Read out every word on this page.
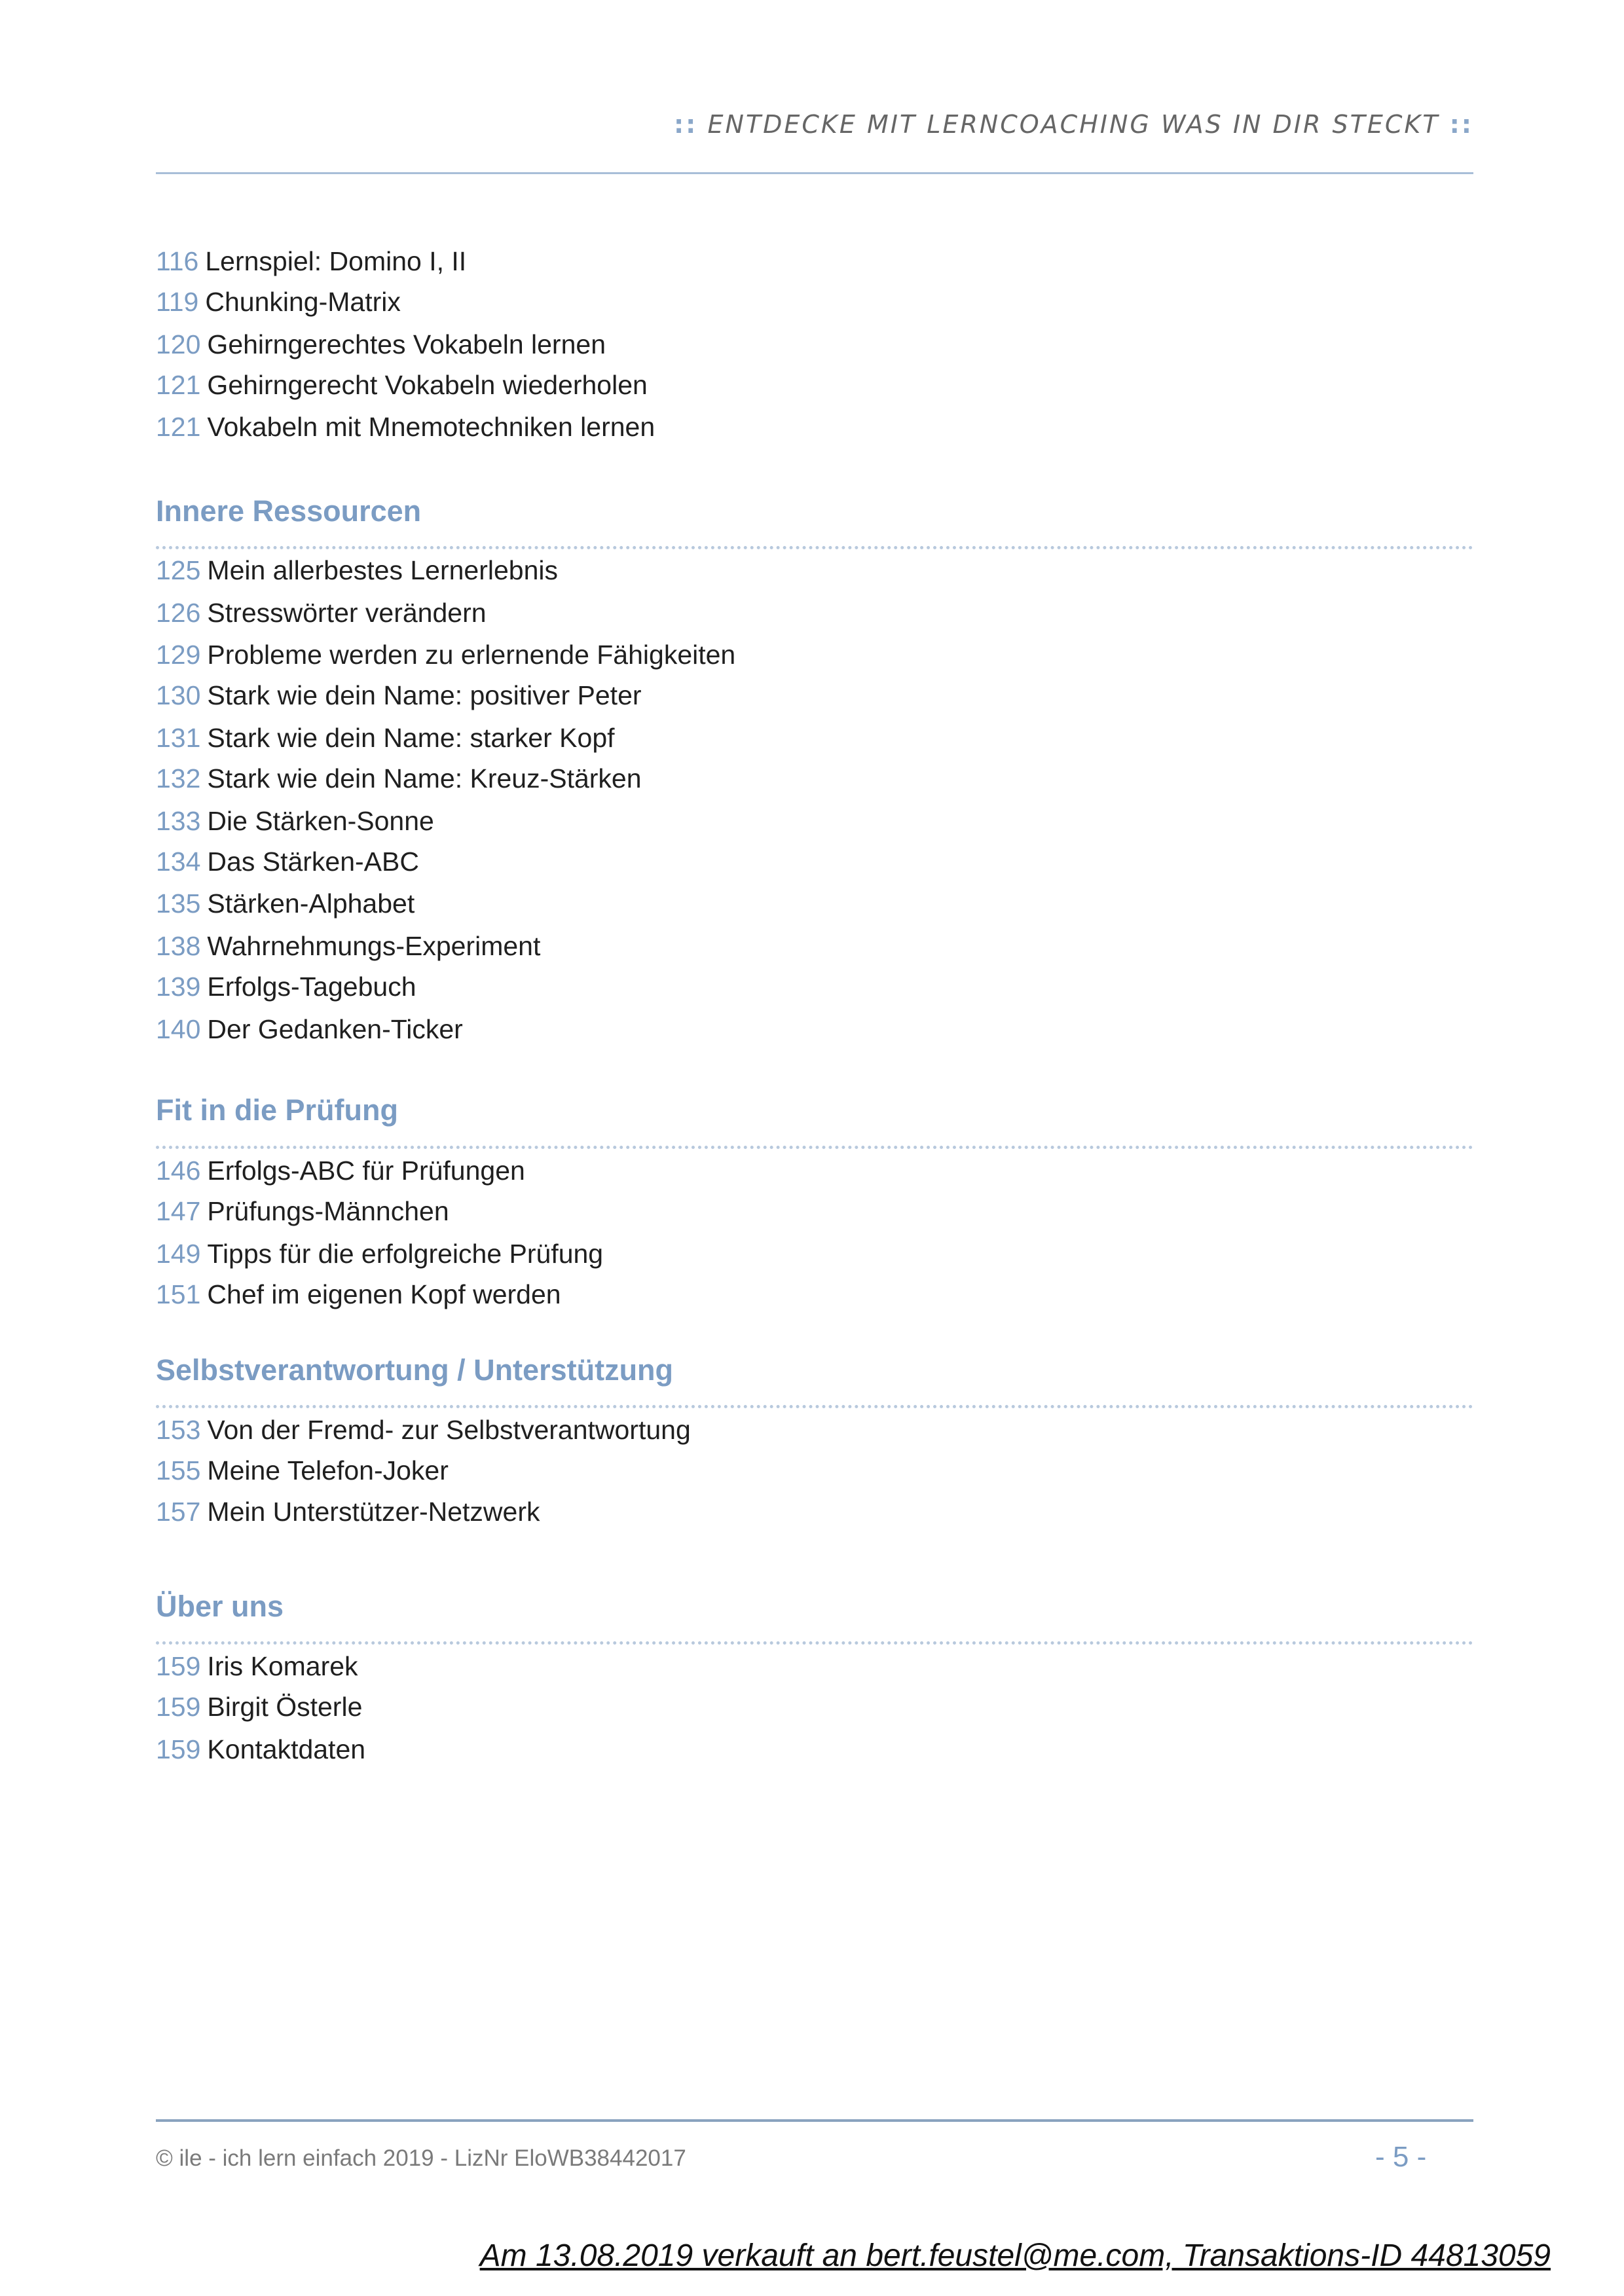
:: ENTDECKE MIT LERNCOACHING WAS IN DIR STECKT ::
116 Lernspiel: Domino I, II
119 Chunking-Matrix
120 Gehirngerechtes Vokabeln lernen
121 Gehirngerecht Vokabeln wiederholen
121 Vokabeln mit Mnemotechniken lernen
Innere Ressourcen
125 Mein allerbestes Lernerlebnis
126 Stresswörter verändern
129 Probleme werden zu erlernende Fähigkeiten
130 Stark wie dein Name: positiver Peter
131 Stark wie dein Name: starker Kopf
132 Stark wie dein Name: Kreuz-Stärken
133 Die Stärken-Sonne
134 Das Stärken-ABC
135 Stärken-Alphabet
138 Wahrnehmungs-Experiment
139 Erfolgs-Tagebuch
140 Der Gedanken-Ticker
Fit in die Prüfung
146 Erfolgs-ABC für Prüfungen
147 Prüfungs-Männchen
149 Tipps für die erfolgreiche Prüfung
151 Chef im eigenen Kopf werden
Selbstverantwortung / Unterstützung
153 Von der Fremd- zur Selbstverantwortung
155 Meine Telefon-Joker
157 Mein Unterstützer-Netzwerk
Über uns
159 Iris Komarek
159 Birgit Österle
159 Kontaktdaten
© ile - ich lern einfach 2019 - LizNr EloWB38442017	- 5 -
Am 13.08.2019 verkauft an bert.feustel@me.com, Transaktions-ID 44813059
